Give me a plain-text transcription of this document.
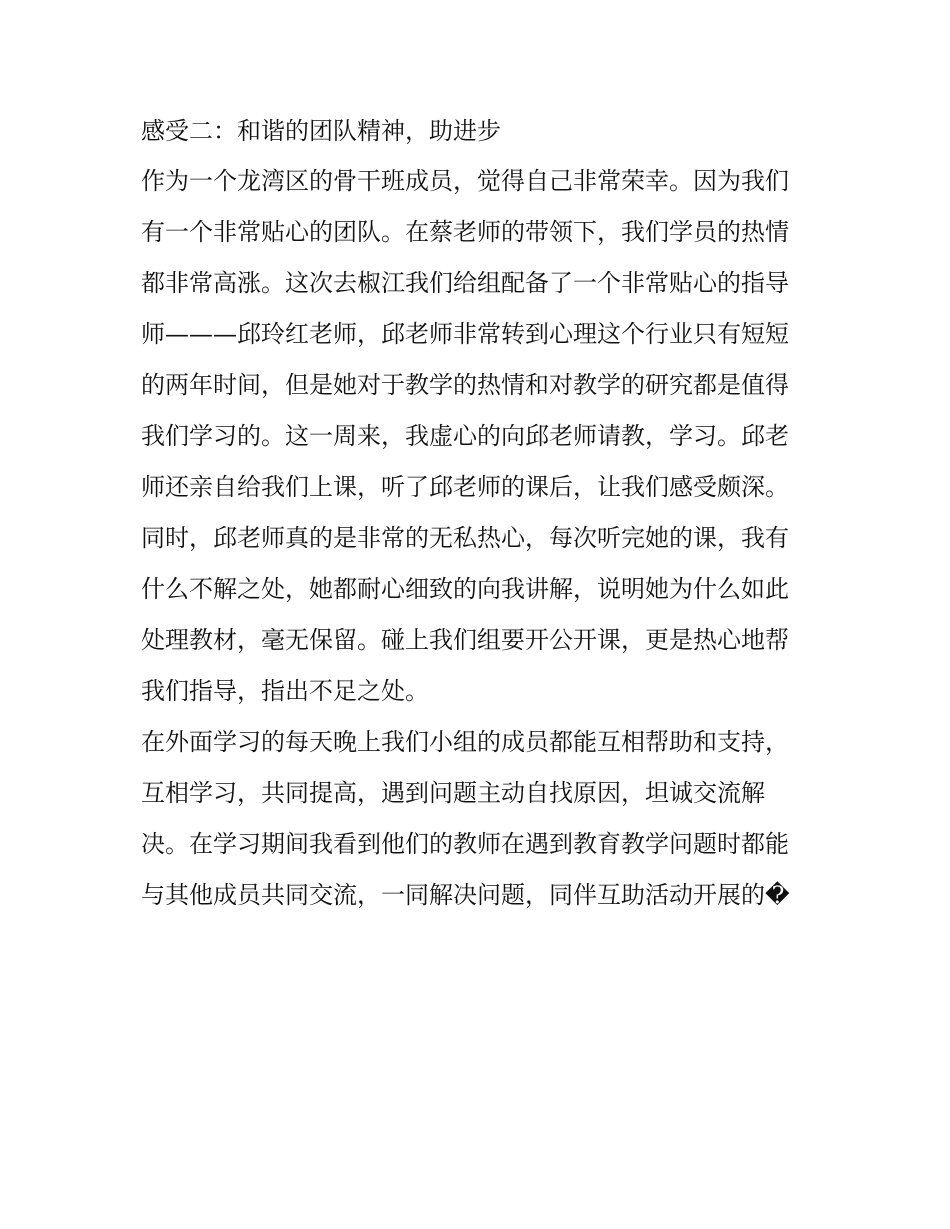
感受二：和谐的团队精神，助进步
作为一个龙湾区的骨干班成员，觉得自己非常荣幸。因为我们
有一个非常贴心的团队。在蔡老师的带领下，我们学员的热情
都非常高涨。这次去椒江我们给组配备了一个非常贴心的指导
师———邱玲红老师，邱老师非常转到心理这个行业只有短短
的两年时间，但是她对于教学的热情和对教学的研究都是值得
我们学习的。这一周来，我虚心的向邱老师请教，学习。邱老
师还亲自给我们上课，听了邱老师的课后，让我们感受颇深。
同时，邱老师真的是非常的无私热心，每次听完她的课，我有
什么不解之处，她都耐心细致的向我讲解，说明她为什么如此
处理教材，毫无保留。碰上我们组要开公开课，更是热心地帮
我们指导，指出不足之处。
在外面学习的每天晚上我们小组的成员都能互相帮助和支持，
互相学习，共同提高，遇到问题主动自找原因，坦诚交流解
决。在学习期间我看到他们的教师在遇到教育教学问题时都能
与其他成员共同交流，一同解决问题，同伴互助活动开展的�
